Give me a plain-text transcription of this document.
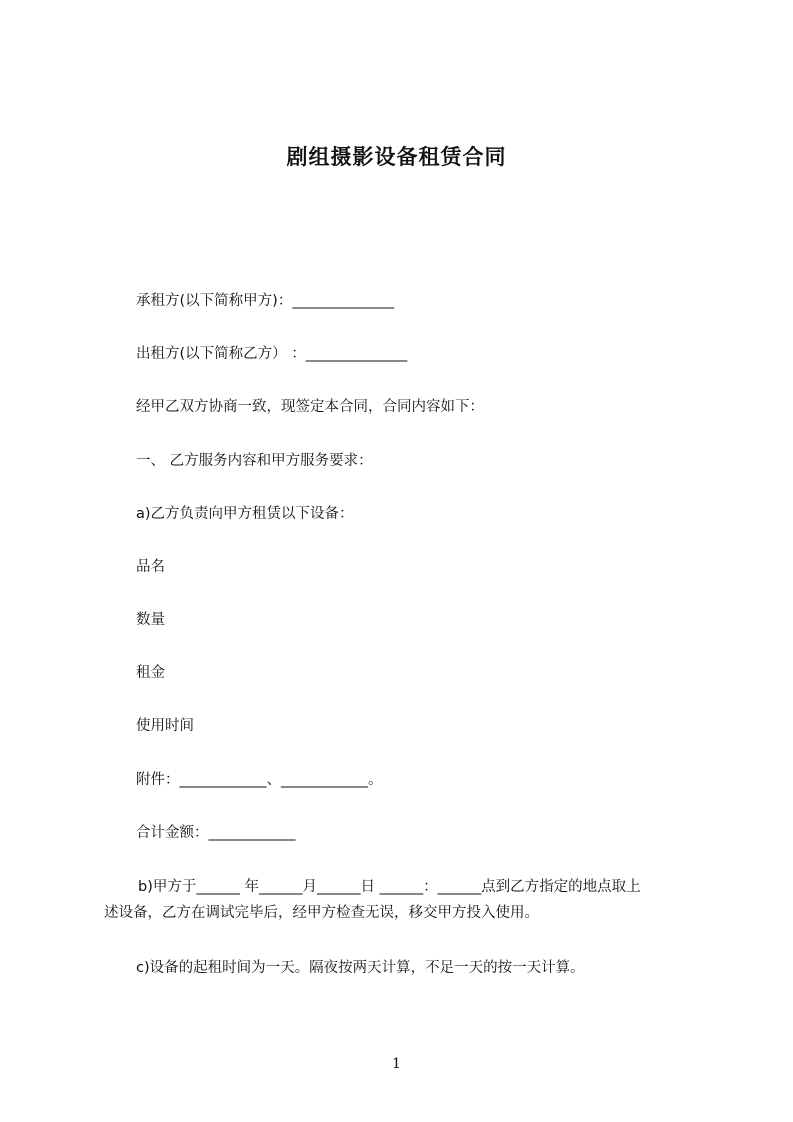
剧组摄影设备租赁合同
承租方(以下简称甲方)：______________
出租方(以下简称乙方） ：______________
经甲乙双方协商一致，现签定本合同，合同内容如下：
一、 乙方服务内容和甲方服务要求：
a)乙方负责向甲方租赁以下设备：
品名
数量
租金
使用时间
附件：____________、____________。
合计金额：____________
b)甲方于______ 年______月______日 ______：______点到乙方指定的地点取上
述设备，乙方在调试完毕后，经甲方检查无误，移交甲方投入使用。
c)设备的起租时间为一天。隔夜按两天计算，不足一天的按一天计算。
1
